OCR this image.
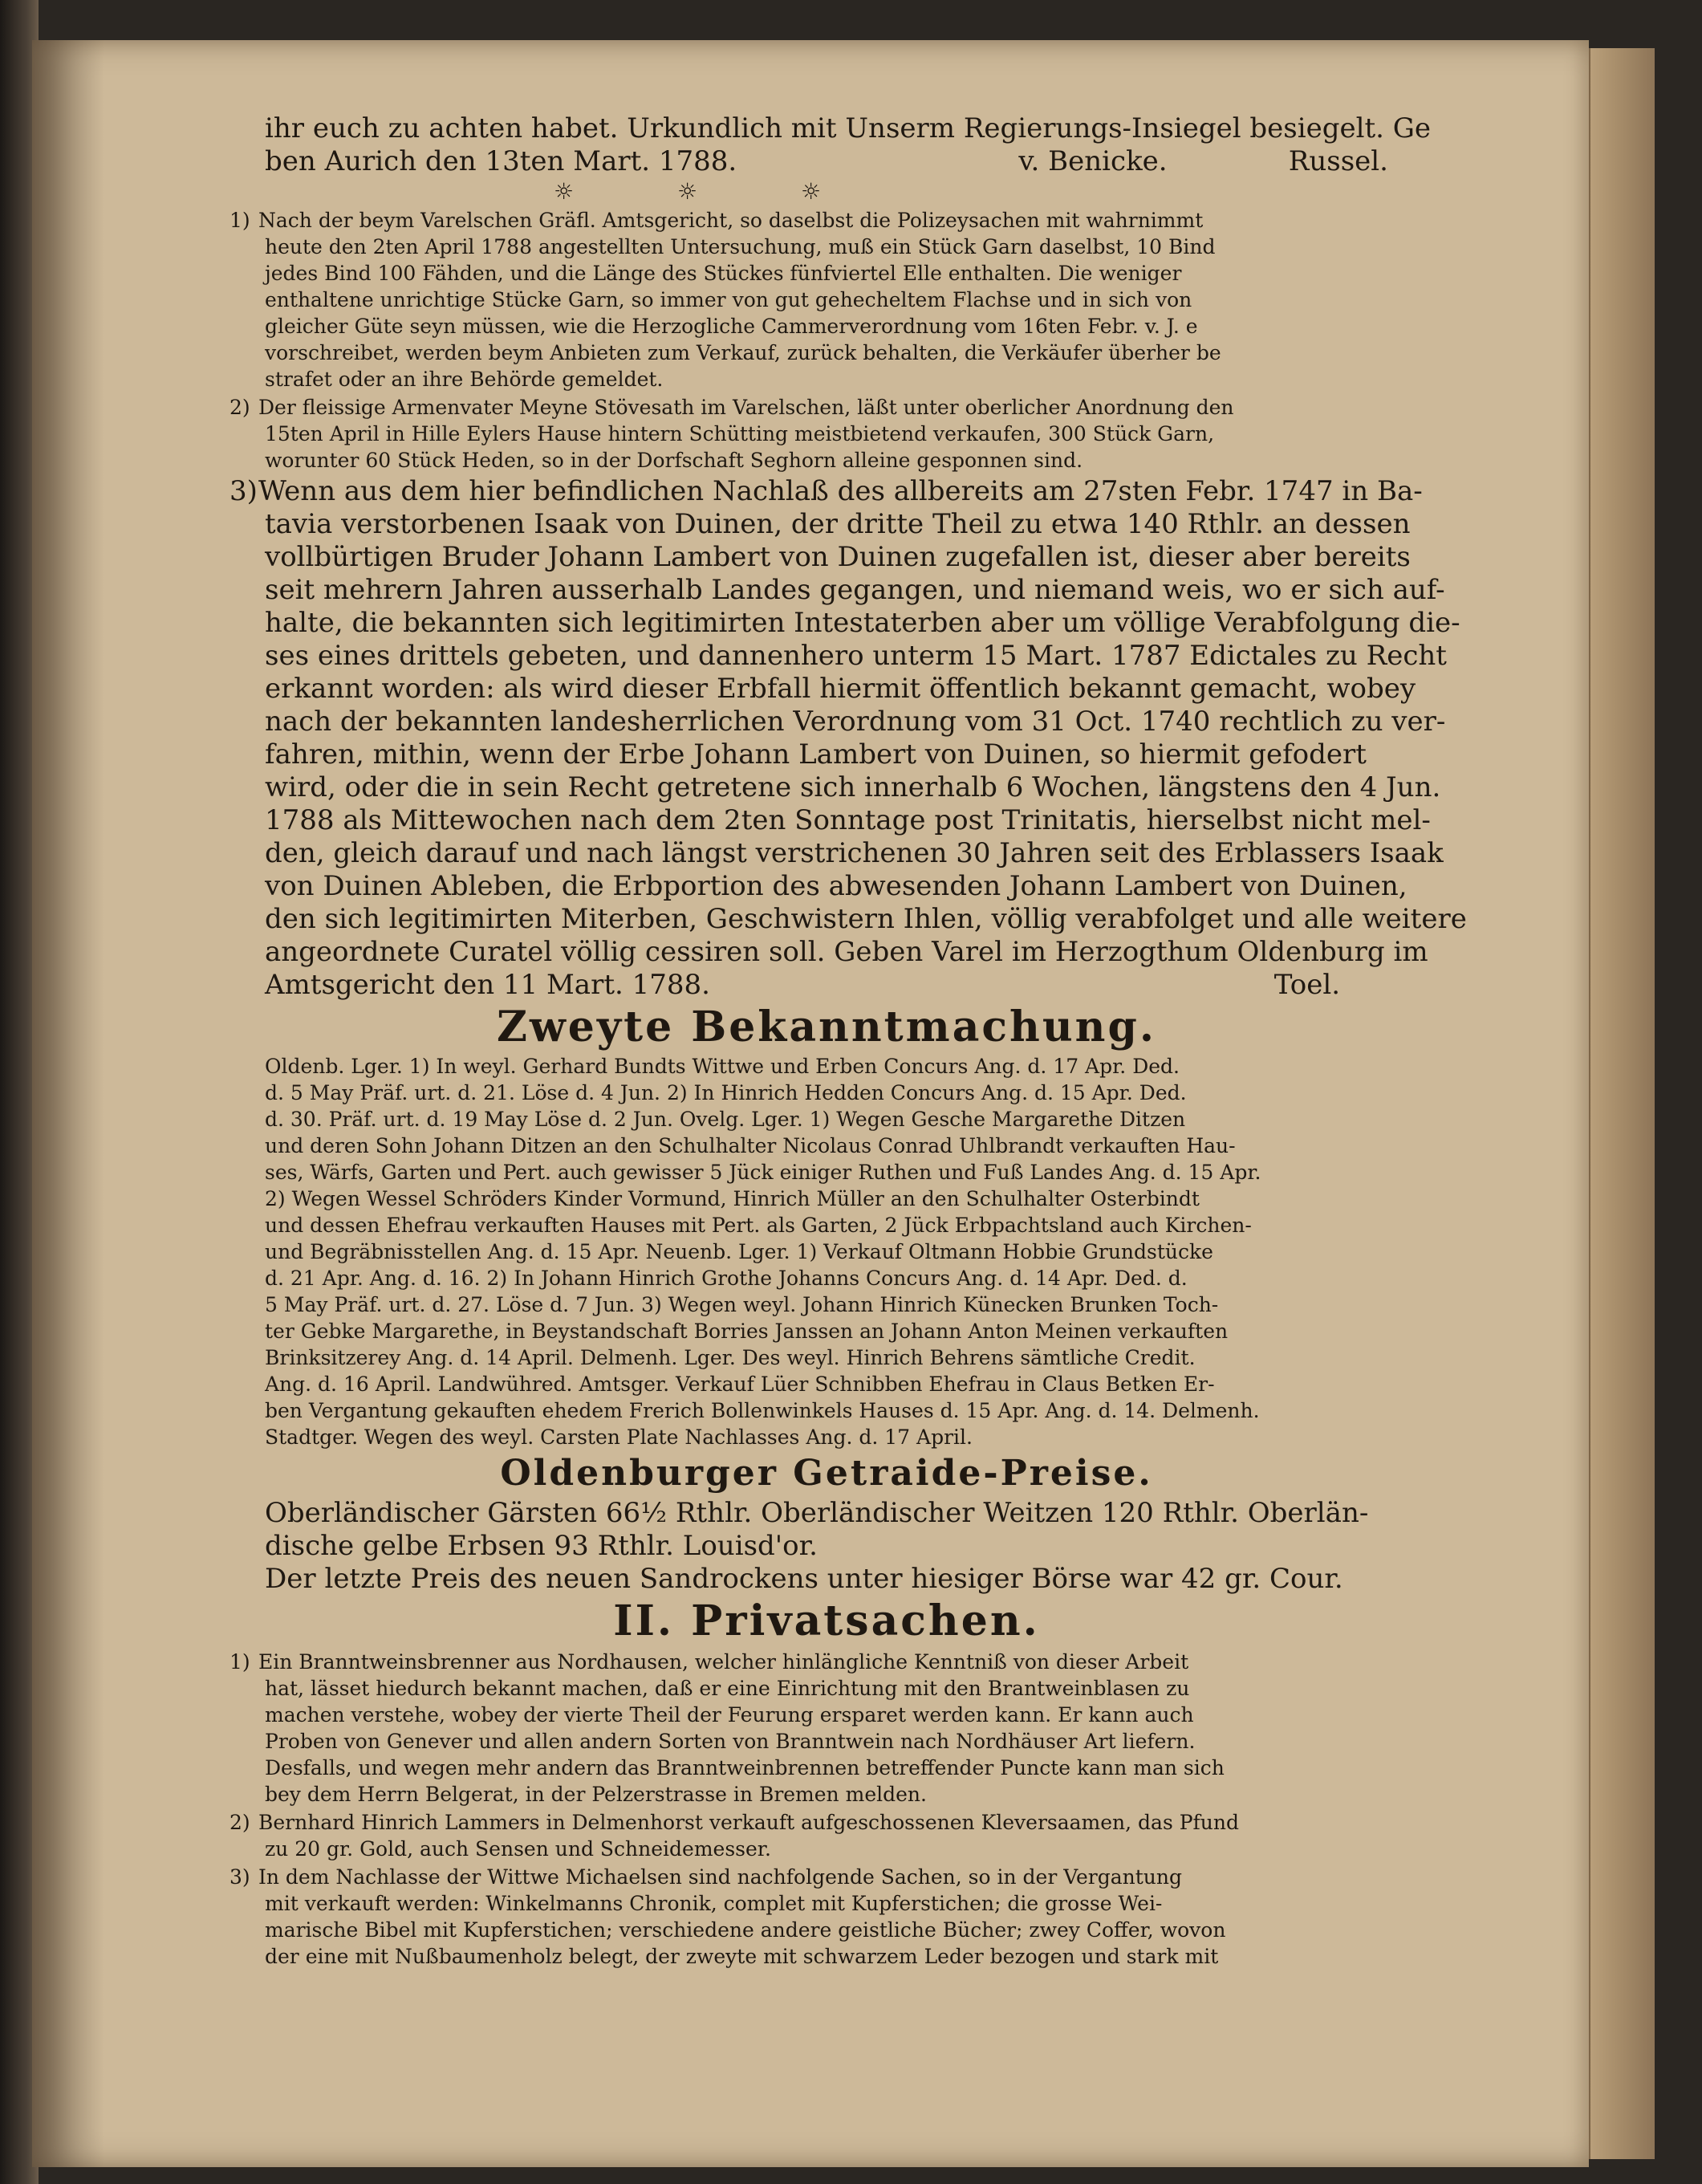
ihr euch zu achten habet. Urkundlich mit Unserm Regierungs-Insiegel besiegelt. Ge
ben Aurich den 13ten Mart. 1788.	v. Benicke.	Russel.
☼ ☼ ☼
1) Nach der beym Varelschen Gräfl. Amtsgericht, so daselbst die Polizeysachen mit wahrnimmt
heute den 2ten April 1788 angestellten Untersuchung, muß ein Stück Garn daselbst, 10 Bind
jedes Bind 100 Fähden, und die Länge des Stückes fünfviertel Elle enthalten. Die weniger
enthaltene unrichtige Stücke Garn, so immer von gut gehecheltem Flachse und in sich von
gleicher Güte seyn müssen, wie die Herzogliche Cammerverordnung vom 16ten Febr. v. J. e
vorschreibet, werden beym Anbieten zum Verkauf, zurück behalten, die Verkäufer überher be
strafet oder an ihre Behörde gemeldet.
2) Der fleissige Armenvater Meyne Stövesath im Varelschen, läßt unter oberlicher Anordnung den
15ten April in Hille Eylers Hause hintern Schütting meistbietend verkaufen, 300 Stück Garn,
worunter 60 Stück Heden, so in der Dorfschaft Seghorn alleine gesponnen sind.
3)Wenn aus dem hier befindlichen Nachlaß des allbereits am 27sten Febr. 1747 in Ba-
tavia verstorbenen Isaak von Duinen, der dritte Theil zu etwa 140 Rthlr. an dessen
vollbürtigen Bruder Johann Lambert von Duinen zugefallen ist, dieser aber bereits
seit mehrern Jahren ausserhalb Landes gegangen, und niemand weis, wo er sich auf-
halte, die bekannten sich legitimirten Intestaterben aber um völlige Verabfolgung die-
ses eines drittels gebeten, und dannenhero unterm 15 Mart. 1787 Edictales zu Recht
erkannt worden: als wird dieser Erbfall hiermit öffentlich bekannt gemacht, wobey
nach der bekannten landesherrlichen Verordnung vom 31 Oct. 1740 rechtlich zu ver-
fahren, mithin, wenn der Erbe Johann Lambert von Duinen, so hiermit gefodert
wird, oder die in sein Recht getretene sich innerhalb 6 Wochen, längstens den 4 Jun.
1788 als Mittewochen nach dem 2ten Sonntage post Trinitatis, hierselbst nicht mel-
den, gleich darauf und nach längst verstrichenen 30 Jahren seit des Erblassers Isaak
von Duinen Ableben, die Erbportion des abwesenden Johann Lambert von Duinen,
den sich legitimirten Miterben, Geschwistern Ihlen, völlig verabfolget und alle weitere
angeordnete Curatel völlig cessiren soll. Geben Varel im Herzogthum Oldenburg im
Amtsgericht den 11 Mart. 1788.	Toel.
Zweyte Bekanntmachung.
Oldenb. Lger. 1) In weyl. Gerhard Bundts Wittwe und Erben Concurs Ang. d. 17 Apr. Ded.
d. 5 May Präf. urt. d. 21. Löse d. 4 Jun. 2) In Hinrich Hedden Concurs Ang. d. 15 Apr. Ded.
d. 30. Präf. urt. d. 19 May Löse d. 2 Jun. Ovelg. Lger. 1) Wegen Gesche Margarethe Ditzen
und deren Sohn Johann Ditzen an den Schulhalter Nicolaus Conrad Uhlbrandt verkauften Hau-
ses, Wärfs, Garten und Pert. auch gewisser 5 Jück einiger Ruthen und Fuß Landes Ang. d. 15 Apr.
2) Wegen Wessel Schröders Kinder Vormund, Hinrich Müller an den Schulhalter Osterbindt
und dessen Ehefrau verkauften Hauses mit Pert. als Garten, 2 Jück Erbpachtsland auch Kirchen-
und Begräbnisstellen Ang. d. 15 Apr. Neuenb. Lger. 1) Verkauf Oltmann Hobbie Grundstücke
d. 21 Apr. Ang. d. 16. 2) In Johann Hinrich Grothe Johanns Concurs Ang. d. 14 Apr. Ded. d.
5 May Präf. urt. d. 27. Löse d. 7 Jun. 3) Wegen weyl. Johann Hinrich Künecken Brunken Toch-
ter Gebke Margarethe, in Beystandschaft Borries Janssen an Johann Anton Meinen verkauften
Brinksitzerey Ang. d. 14 April. Delmenh. Lger. Des weyl. Hinrich Behrens sämtliche Credit.
Ang. d. 16 April. Landwühred. Amtsger. Verkauf Lüer Schnibben Ehefrau in Claus Betken Er-
ben Vergantung gekauften ehedem Frerich Bollenwinkels Hauses d. 15 Apr. Ang. d. 14. Delmenh.
Stadtger. Wegen des weyl. Carsten Plate Nachlasses Ang. d. 17 April.
Oldenburger Getraide-Preise.
Oberländischer Gärsten 66½ Rthlr. Oberländischer Weitzen 120 Rthlr. Oberlän-
dische gelbe Erbsen 93 Rthlr. Louisd'or.
Der letzte Preis des neuen Sandrockens unter hiesiger Börse war 42 gr. Cour.
II. Privatsachen.
1) Ein Branntweinsbrenner aus Nordhausen, welcher hinlängliche Kenntniß von dieser Arbeit
hat, lässet hiedurch bekannt machen, daß er eine Einrichtung mit den Brantweinblasen zu
machen verstehe, wobey der vierte Theil der Feurung ersparet werden kann. Er kann auch
Proben von Genever und allen andern Sorten von Branntwein nach Nordhäuser Art liefern.
Desfalls, und wegen mehr andern das Branntweinbrennen betreffender Puncte kann man sich
bey dem Herrn Belgerat, in der Pelzerstrasse in Bremen melden.
2) Bernhard Hinrich Lammers in Delmenhorst verkauft aufgeschossenen Kleversaamen, das Pfund
zu 20 gr. Gold, auch Sensen und Schneidemesser.
3) In dem Nachlasse der Wittwe Michaelsen sind nachfolgende Sachen, so in der Vergantung
mit verkauft werden: Winkelmanns Chronik, complet mit Kupferstichen; die grosse Wei-
marische Bibel mit Kupferstichen; verschiedene andere geistliche Bücher; zwey Coffer, wovon
der eine mit Nußbaumenholz belegt, der zweyte mit schwarzem Leder bezogen und stark mit
